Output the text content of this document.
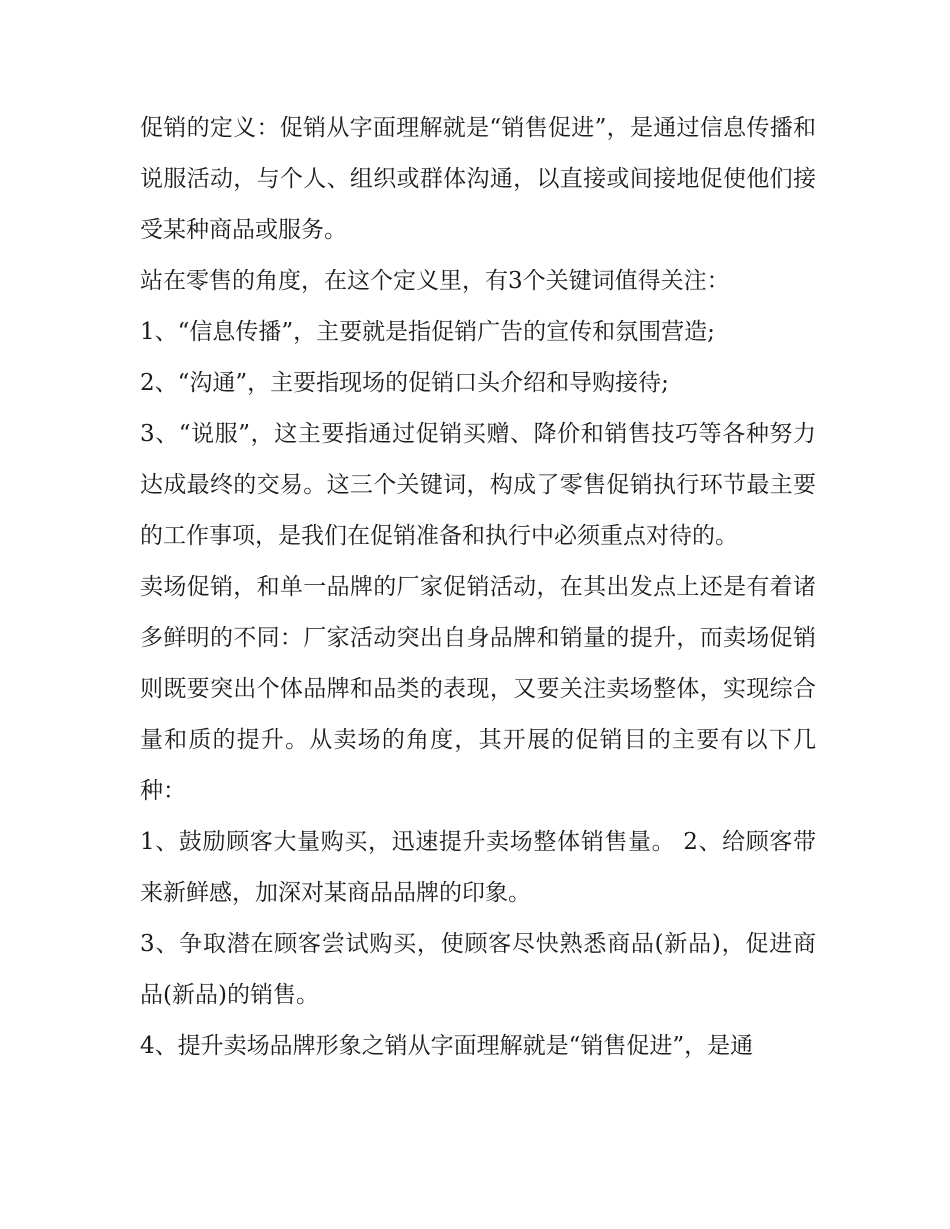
促销的定义：促销从字面理解就是“销售促进”，是通过信息传播和说服活动，与个人、组织或群体沟通，以直接或间接地促使他们接受某种商品或服务。

站在零售的角度，在这个定义里，有3个关键词值得关注：

1、“信息传播”，主要就是指促销广告的宣传和氛围营造;

2、“沟通”，主要指现场的促销口头介绍和导购接待;

3、“说服”，这主要指通过促销买赠、降价和销售技巧等各种努力达成最终的交易。这三个关键词，构成了零售促销执行环节最主要的工作事项，是我们在促销准备和执行中必须重点对待的。

卖场促销，和单一品牌的厂家促销活动，在其出发点上还是有着诸多鲜明的不同：厂家活动突出自身品牌和销量的提升，而卖场促销则既要突出个体品牌和品类的表现，又要关注卖场整体，实现综合量和质的提升。从卖场的角度，其开展的促销目的主要有以下几种：

1、鼓励顾客大量购买，迅速提升卖场整体销售量。 2、给顾客带来新鲜感，加深对某商品品牌的印象。

3、争取潜在顾客尝试购买，使顾客尽快熟悉商品(新品)，促进商品(新品)的销售。

4、提升卖场品牌形象之销从字面理解就是“销售促进”，是通
